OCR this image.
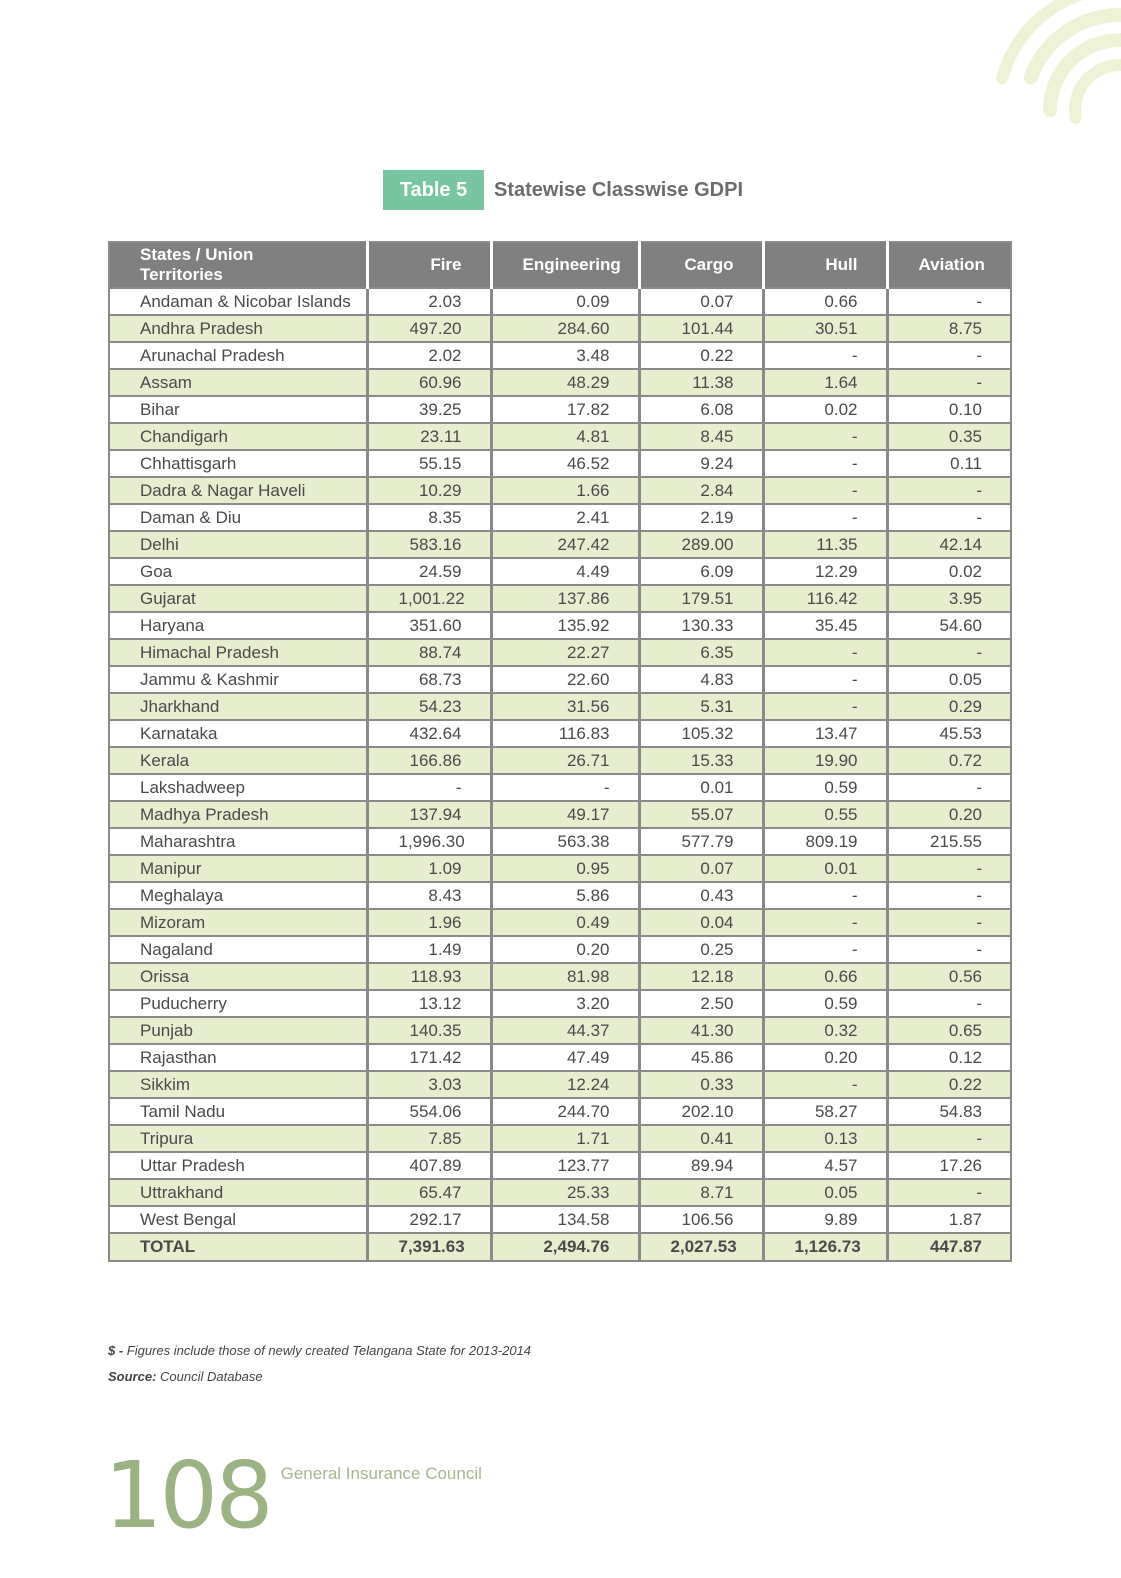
Table 5	Statewise Classwise GDPI
States / Union Territories	Fire	Engineering	Cargo	Hull	Aviation
Andaman & Nicobar Islands	2.03	0.09	0.07	0.66	-
Andhra Pradesh	497.20	284.60	101.44	30.51	8.75
Arunachal Pradesh	2.02	3.48	0.22	-	-
Assam	60.96	48.29	11.38	1.64	-
Bihar	39.25	17.82	6.08	0.02	0.10
Chandigarh	23.11	4.81	8.45	-	0.35
Chhattisgarh	55.15	46.52	9.24	-	0.11
Dadra & Nagar Haveli	10.29	1.66	2.84	-	-
Daman & Diu	8.35	2.41	2.19	-	-
Delhi	583.16	247.42	289.00	11.35	42.14
Goa	24.59	4.49	6.09	12.29	0.02
Gujarat	1,001.22	137.86	179.51	116.42	3.95
Haryana	351.60	135.92	130.33	35.45	54.60
Himachal Pradesh	88.74	22.27	6.35	-	-
Jammu & Kashmir	68.73	22.60	4.83	-	0.05
Jharkhand	54.23	31.56	5.31	-	0.29
Karnataka	432.64	116.83	105.32	13.47	45.53
Kerala	166.86	26.71	15.33	19.90	0.72
Lakshadweep	-	-	0.01	0.59	-
Madhya Pradesh	137.94	49.17	55.07	0.55	0.20
Maharashtra	1,996.30	563.38	577.79	809.19	215.55
Manipur	1.09	0.95	0.07	0.01	-
Meghalaya	8.43	5.86	0.43	-	-
Mizoram	1.96	0.49	0.04	-	-
Nagaland	1.49	0.20	0.25	-	-
Orissa	118.93	81.98	12.18	0.66	0.56
Puducherry	13.12	3.20	2.50	0.59	-
Punjab	140.35	44.37	41.30	0.32	0.65
Rajasthan	171.42	47.49	45.86	0.20	0.12
Sikkim	3.03	12.24	0.33	-	0.22
Tamil Nadu	554.06	244.70	202.10	58.27	54.83
Tripura	7.85	1.71	0.41	0.13	-
Uttar Pradesh	407.89	123.77	89.94	4.57	17.26
Uttrakhand	65.47	25.33	8.71	0.05	-
West Bengal	292.17	134.58	106.56	9.89	1.87
TOTAL	7,391.63	2,494.76	2,027.53	1,126.73	447.87

$ - Figures include those of newly created Telangana State for 2013-2014

Source: Council Database

108 General Insurance Council
